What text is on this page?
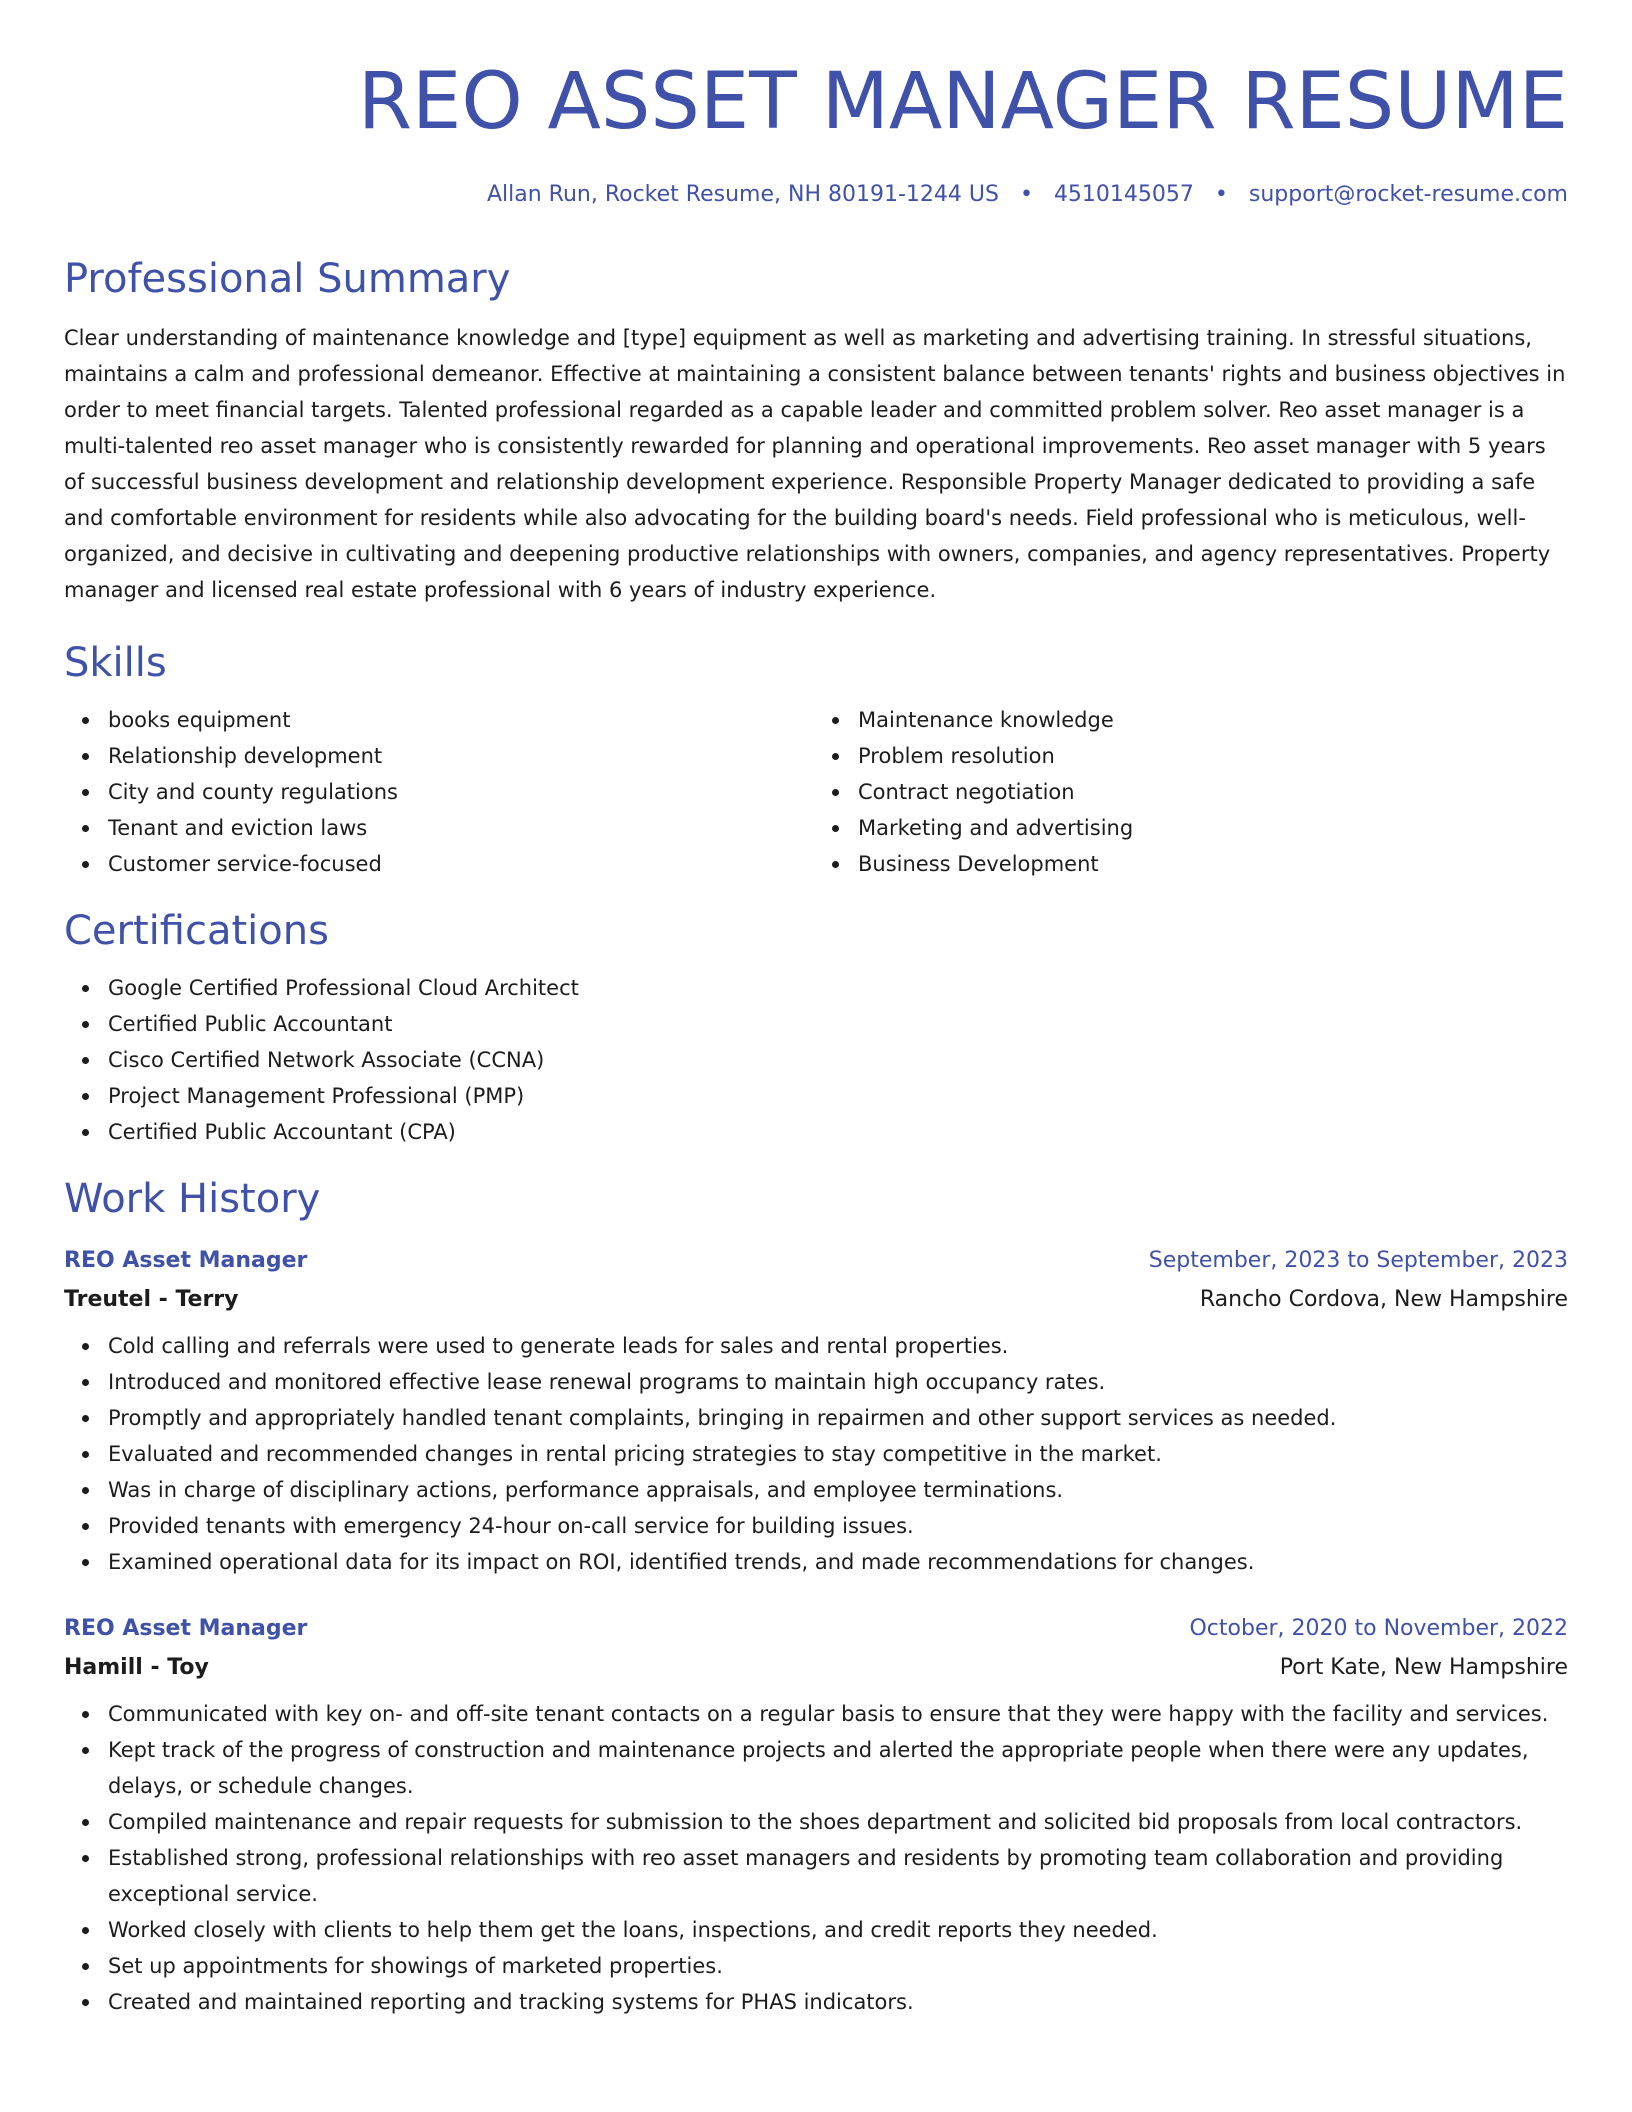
REO ASSET MANAGER RESUME
Allan Run, Rocket Resume, NH 80191-1244 US • 4510145057 • support@rocket-resume.com
Professional Summary
Clear understanding of maintenance knowledge and [type] equipment as well as marketing and advertising training. In stressful situations, maintains a calm and professional demeanor. Effective at maintaining a consistent balance between tenants' rights and business objectives in order to meet financial targets. Talented professional regarded as a capable leader and committed problem solver. Reo asset manager is a multi-talented reo asset manager who is consistently rewarded for planning and operational improvements. Reo asset manager with 5 years of successful business development and relationship development experience. Responsible Property Manager dedicated to providing a safe and comfortable environment for residents while also advocating for the building board's needs. Field professional who is meticulous, well-organized, and decisive in cultivating and deepening productive relationships with owners, companies, and agency representatives. Property manager and licensed real estate professional with 6 years of industry experience.
Skills
books equipment
Relationship development
City and county regulations
Tenant and eviction laws
Customer service-focused
Maintenance knowledge
Problem resolution
Contract negotiation
Marketing and advertising
Business Development
Certifications
Google Certified Professional Cloud Architect
Certified Public Accountant
Cisco Certified Network Associate (CCNA)
Project Management Professional (PMP)
Certified Public Accountant (CPA)
Work History
REO Asset Manager	September, 2023 to September, 2023
Treutel - Terry	Rancho Cordova, New Hampshire
Cold calling and referrals were used to generate leads for sales and rental properties.
Introduced and monitored effective lease renewal programs to maintain high occupancy rates.
Promptly and appropriately handled tenant complaints, bringing in repairmen and other support services as needed.
Evaluated and recommended changes in rental pricing strategies to stay competitive in the market.
Was in charge of disciplinary actions, performance appraisals, and employee terminations.
Provided tenants with emergency 24-hour on-call service for building issues.
Examined operational data for its impact on ROI, identified trends, and made recommendations for changes.
REO Asset Manager	October, 2020 to November, 2022
Hamill - Toy	Port Kate, New Hampshire
Communicated with key on- and off-site tenant contacts on a regular basis to ensure that they were happy with the facility and services.
Kept track of the progress of construction and maintenance projects and alerted the appropriate people when there were any updates, delays, or schedule changes.
Compiled maintenance and repair requests for submission to the shoes department and solicited bid proposals from local contractors.
Established strong, professional relationships with reo asset managers and residents by promoting team collaboration and providing exceptional service.
Worked closely with clients to help them get the loans, inspections, and credit reports they needed.
Set up appointments for showings of marketed properties.
Created and maintained reporting and tracking systems for PHAS indicators.
